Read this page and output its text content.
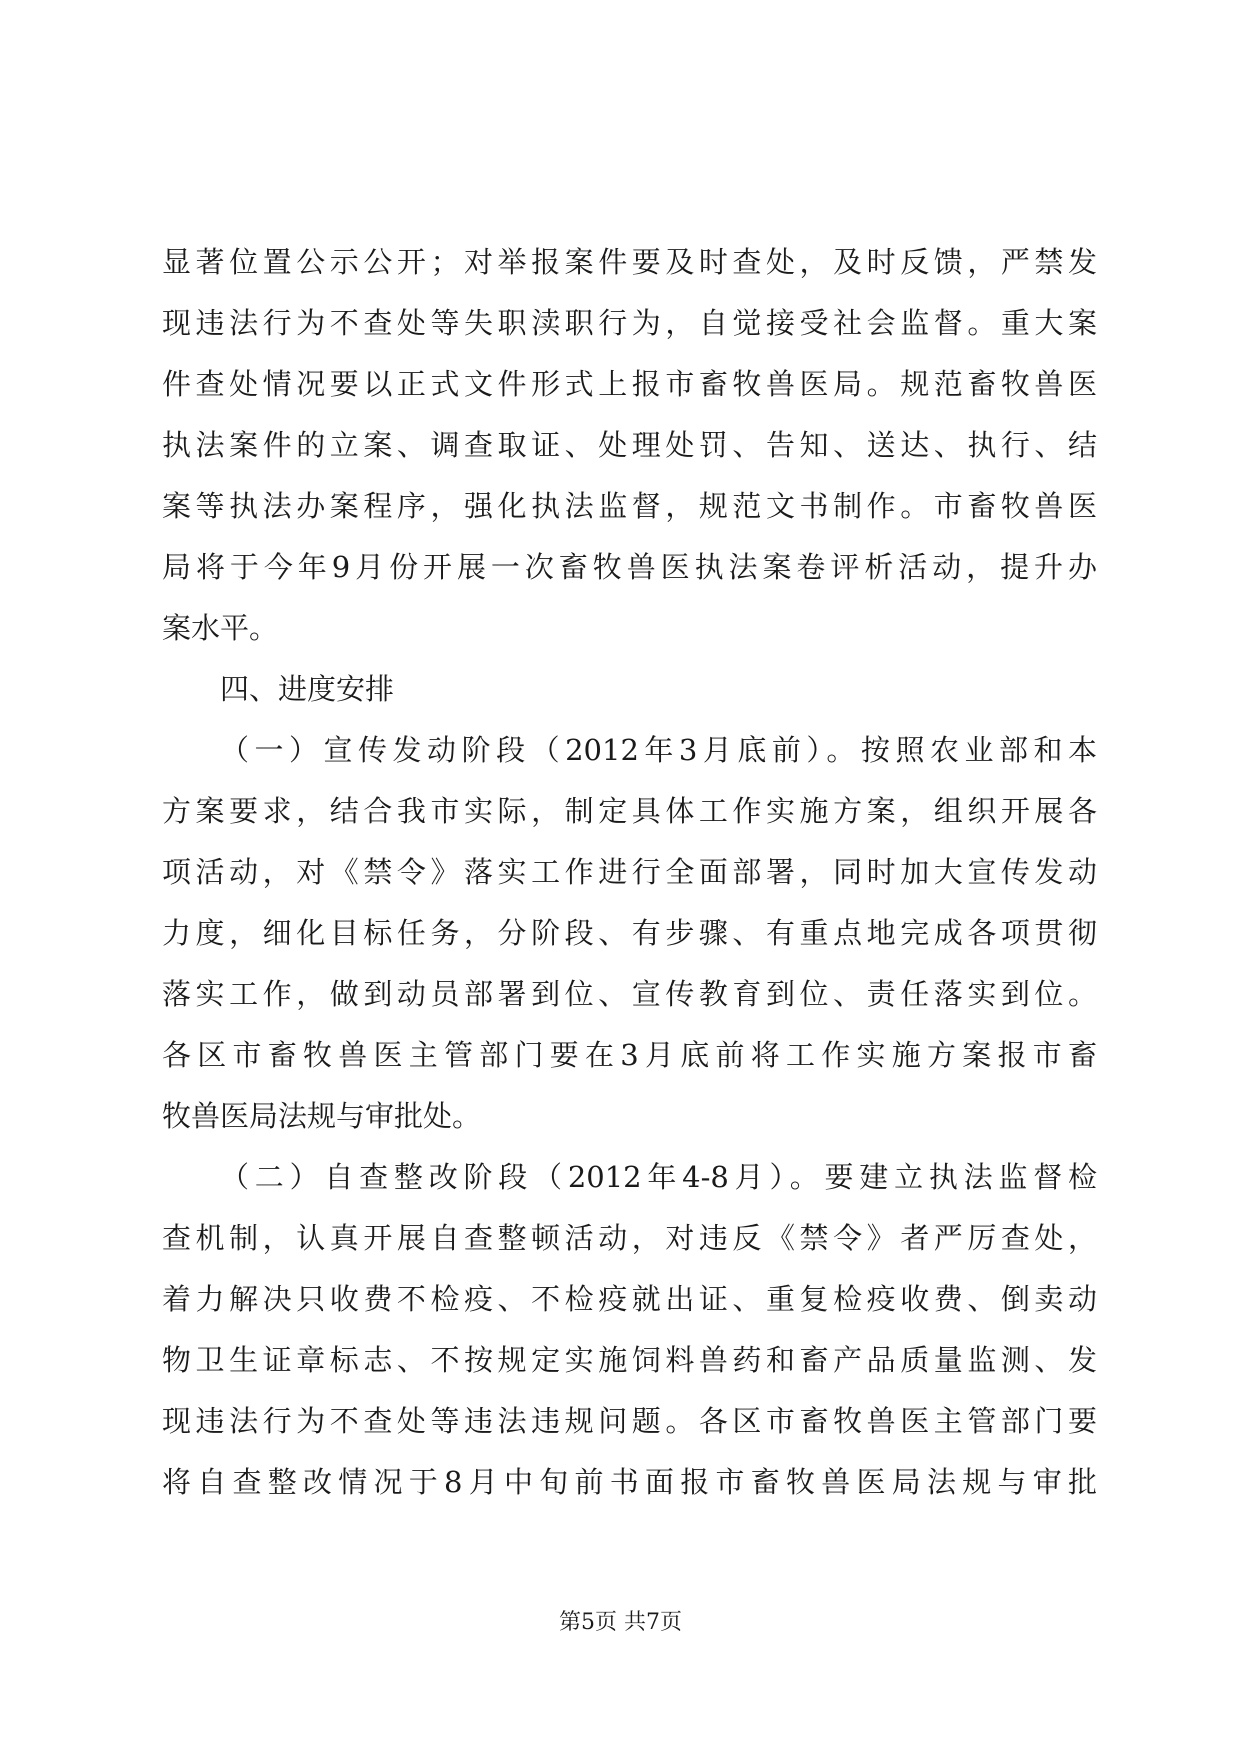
显著位置公示公开；对举报案件要及时查处，及时反馈，严禁发
现违法行为不查处等失职渎职行为，自觉接受社会监督。重大案
件查处情况要以正式文件形式上报市畜牧兽医局。规范畜牧兽医
执法案件的立案、调查取证、处理处罚、告知、送达、执行、结
案等执法办案程序，强化执法监督，规范文书制作。市畜牧兽医
局将于今年9月份开展一次畜牧兽医执法案卷评析活动，提升办
案水平。
四、进度安排
（一）宣传发动阶段（2012年3月底前）。按照农业部和本
方案要求，结合我市实际，制定具体工作实施方案，组织开展各
项活动，对《禁令》落实工作进行全面部署，同时加大宣传发动
力度，细化目标任务，分阶段、有步骤、有重点地完成各项贯彻
落实工作，做到动员部署到位、宣传教育到位、责任落实到位。
各区市畜牧兽医主管部门要在3月底前将工作实施方案报市畜
牧兽医局法规与审批处。
（二）自查整改阶段（2012年4-8月）。要建立执法监督检
查机制，认真开展自查整顿活动，对违反《禁令》者严厉查处，
着力解决只收费不检疫、不检疫就出证、重复检疫收费、倒卖动
物卫生证章标志、不按规定实施饲料兽药和畜产品质量监测、发
现违法行为不查处等违法违规问题。各区市畜牧兽医主管部门要
将自查整改情况于8月中旬前书面报市畜牧兽医局法规与审批
第5页 共7页
